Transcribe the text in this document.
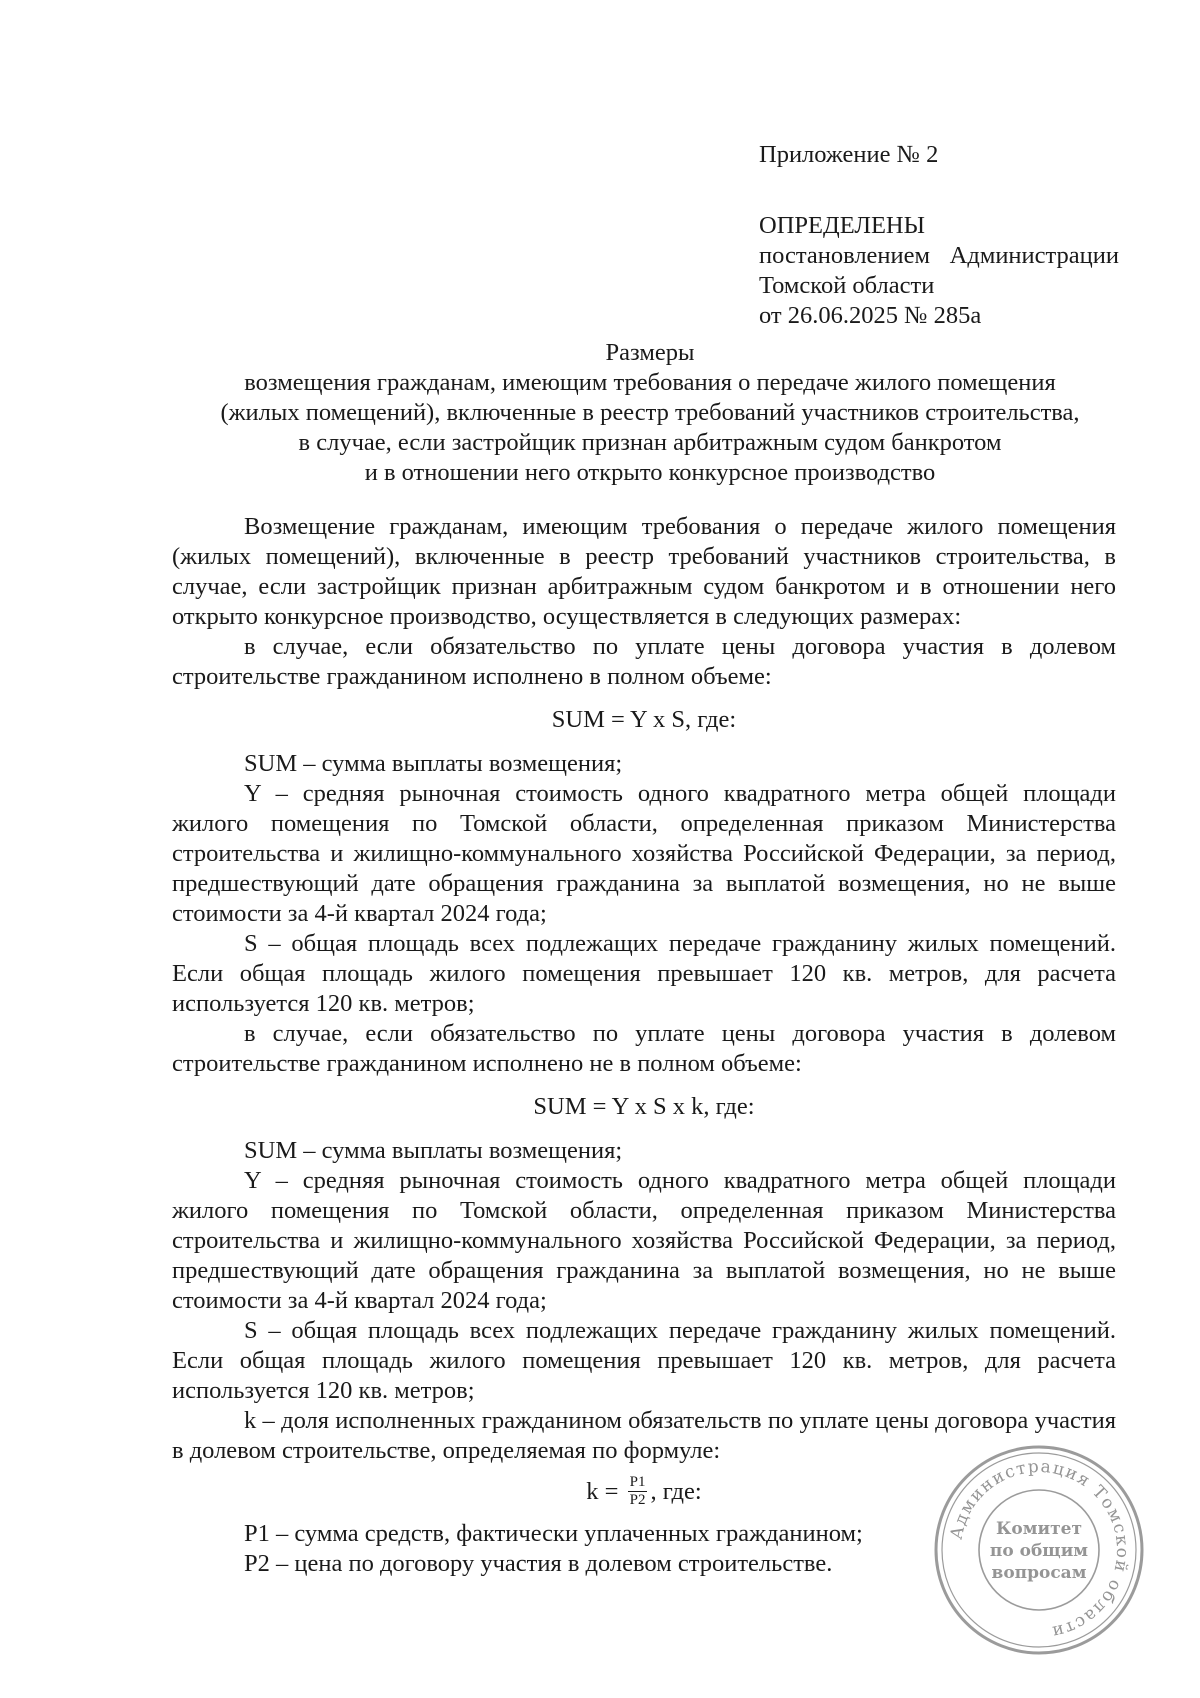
Приложение № 2
ОПРЕДЕЛЕНЫ
постановлением Администрации
Томской области
от 26.06.2025 № 285а
Размеры
возмещения гражданам, имеющим требования о передаче жилого помещения
(жилых помещений), включенные в реестр требований участников строительства,
в случае, если застройщик признан арбитражным судом банкротом
и в отношении него открыто конкурсное производство

Возмещение гражданам, имеющим требования о передаче жилого помещения (жилых помещений), включенные в реестр требований участников строительства, в случае, если застройщик признан арбитражным судом банкротом и в отношении него открыто конкурсное производство, осуществляется в следующих размерах:

в случае, если обязательство по уплате цены договора участия в долевом строительстве гражданином исполнено в полном объеме:

SUM = Y x S, где:

SUM – сумма выплаты возмещения;

Y – средняя рыночная стоимость одного квадратного метра общей площади жилого помещения по Томской области, определенная приказом Министерства строительства и жилищно-коммунального хозяйства Российской Федерации, за период, предшествующий дате обращения гражданина за выплатой возмещения, но не выше стоимости за 4-й квартал 2024 года;

S – общая площадь всех подлежащих передаче гражданину жилых помещений. Если общая площадь жилого помещения превышает 120 кв. метров, для расчета используется 120 кв. метров;

в случае, если обязательство по уплате цены договора участия в долевом строительстве гражданином исполнено не в полном объеме:

SUM = Y x S x k, где:

SUM – сумма выплаты возмещения;

Y – средняя рыночная стоимость одного квадратного метра общей площади жилого помещения по Томской области, определенная приказом Министерства строительства и жилищно-коммунального хозяйства Российской Федерации, за период, предшествующий дате обращения гражданина за выплатой возмещения, но не выше стоимости за 4-й квартал 2024 года;

S – общая площадь всех подлежащих передаче гражданину жилых помещений. Если общая площадь жилого помещения превышает 120 кв. метров, для расчета используется 120 кв. метров;

k – доля исполненных гражданином обязательств по уплате цены договора участия в долевом строительстве, определяемая по формуле:

$k = \frac{P1}{P2}$ , где:

P1 – сумма средств, фактически уплаченных гражданином;

P2 – цена по договору участия в долевом строительстве.

Администрация Томской области
Комитет
по общим
вопросам
